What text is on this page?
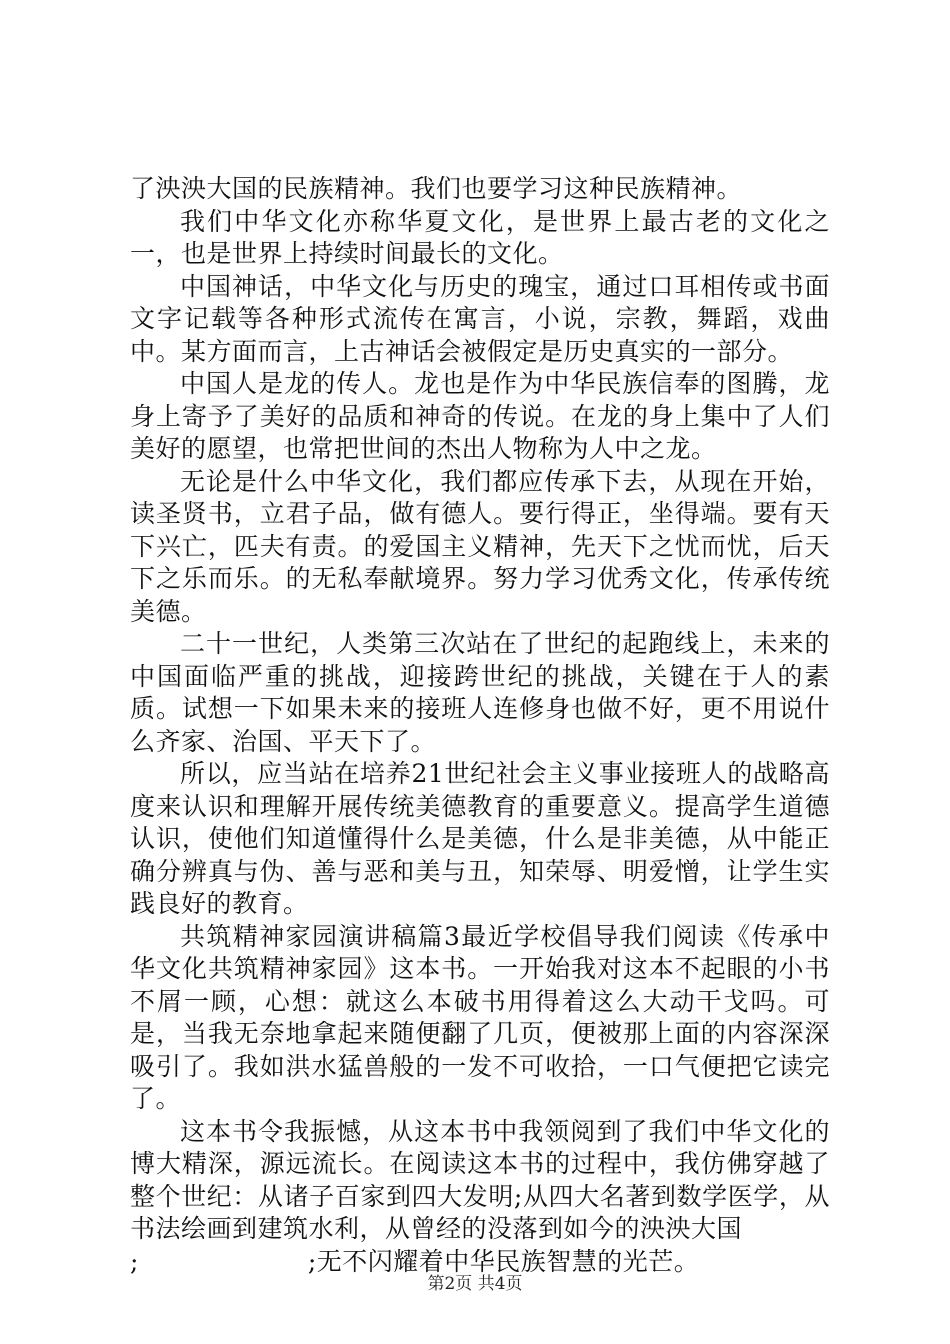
了泱泱大国的民族精神。我们也要学习这种民族精神。

我们中华文化亦称华夏文化，是世界上最古老的文化之一，也是世界上持续时间最长的文化。

中国神话，中华文化与历史的瑰宝，通过口耳相传或书面文字记载等各种形式流传在寓言，小说，宗教，舞蹈，戏曲中。某方面而言，上古神话会被假定是历史真实的一部分。

中国人是龙的传人。龙也是作为中华民族信奉的图腾，龙身上寄予了美好的品质和神奇的传说。在龙的身上集中了人们美好的愿望，也常把世间的杰出人物称为人中之龙。

无论是什么中华文化，我们都应传承下去，从现在开始，读圣贤书，立君子品，做有德人。要行得正，坐得端。要有天下兴亡，匹夫有责。的爱国主义精神，先天下之忧而忧，后天下之乐而乐。的无私奉献境界。努力学习优秀文化，传承传统美德。

二十一世纪，人类第三次站在了世纪的起跑线上，未来的中国面临严重的挑战，迎接跨世纪的挑战，关键在于人的素质。试想一下如果未来的接班人连修身也做不好，更不用说什么齐家、治国、平天下了。

所以，应当站在培养21世纪社会主义事业接班人的战略高度来认识和理解开展传统美德教育的重要意义。提高学生道德认识，使他们知道懂得什么是美德，什么是非美德，从中能正确分辨真与伪、善与恶和美与丑，知荣辱、明爱憎，让学生实践良好的教育。

共筑精神家园演讲稿篇3最近学校倡导我们阅读《传承中华文化共筑精神家园》这本书。一开始我对这本不起眼的小书不屑一顾，心想：就这么本破书用得着这么大动干戈吗。可是，当我无奈地拿起来随便翻了几页，便被那上面的内容深深吸引了。我如洪水猛兽般的一发不可收拾，一口气便把它读完了。

这本书令我振憾，从这本书中我领阅到了我们中华文化的博大精深，源远流长。在阅读这本书的过程中，我仿佛穿越了整个世纪：从诸子百家到四大发明;从四大名著到数学医学，从书法绘画到建筑水利，从曾经的没落到如今的泱泱大国

;                    ;无不闪耀着中华民族智慧的光芒。

第2页 共4页
